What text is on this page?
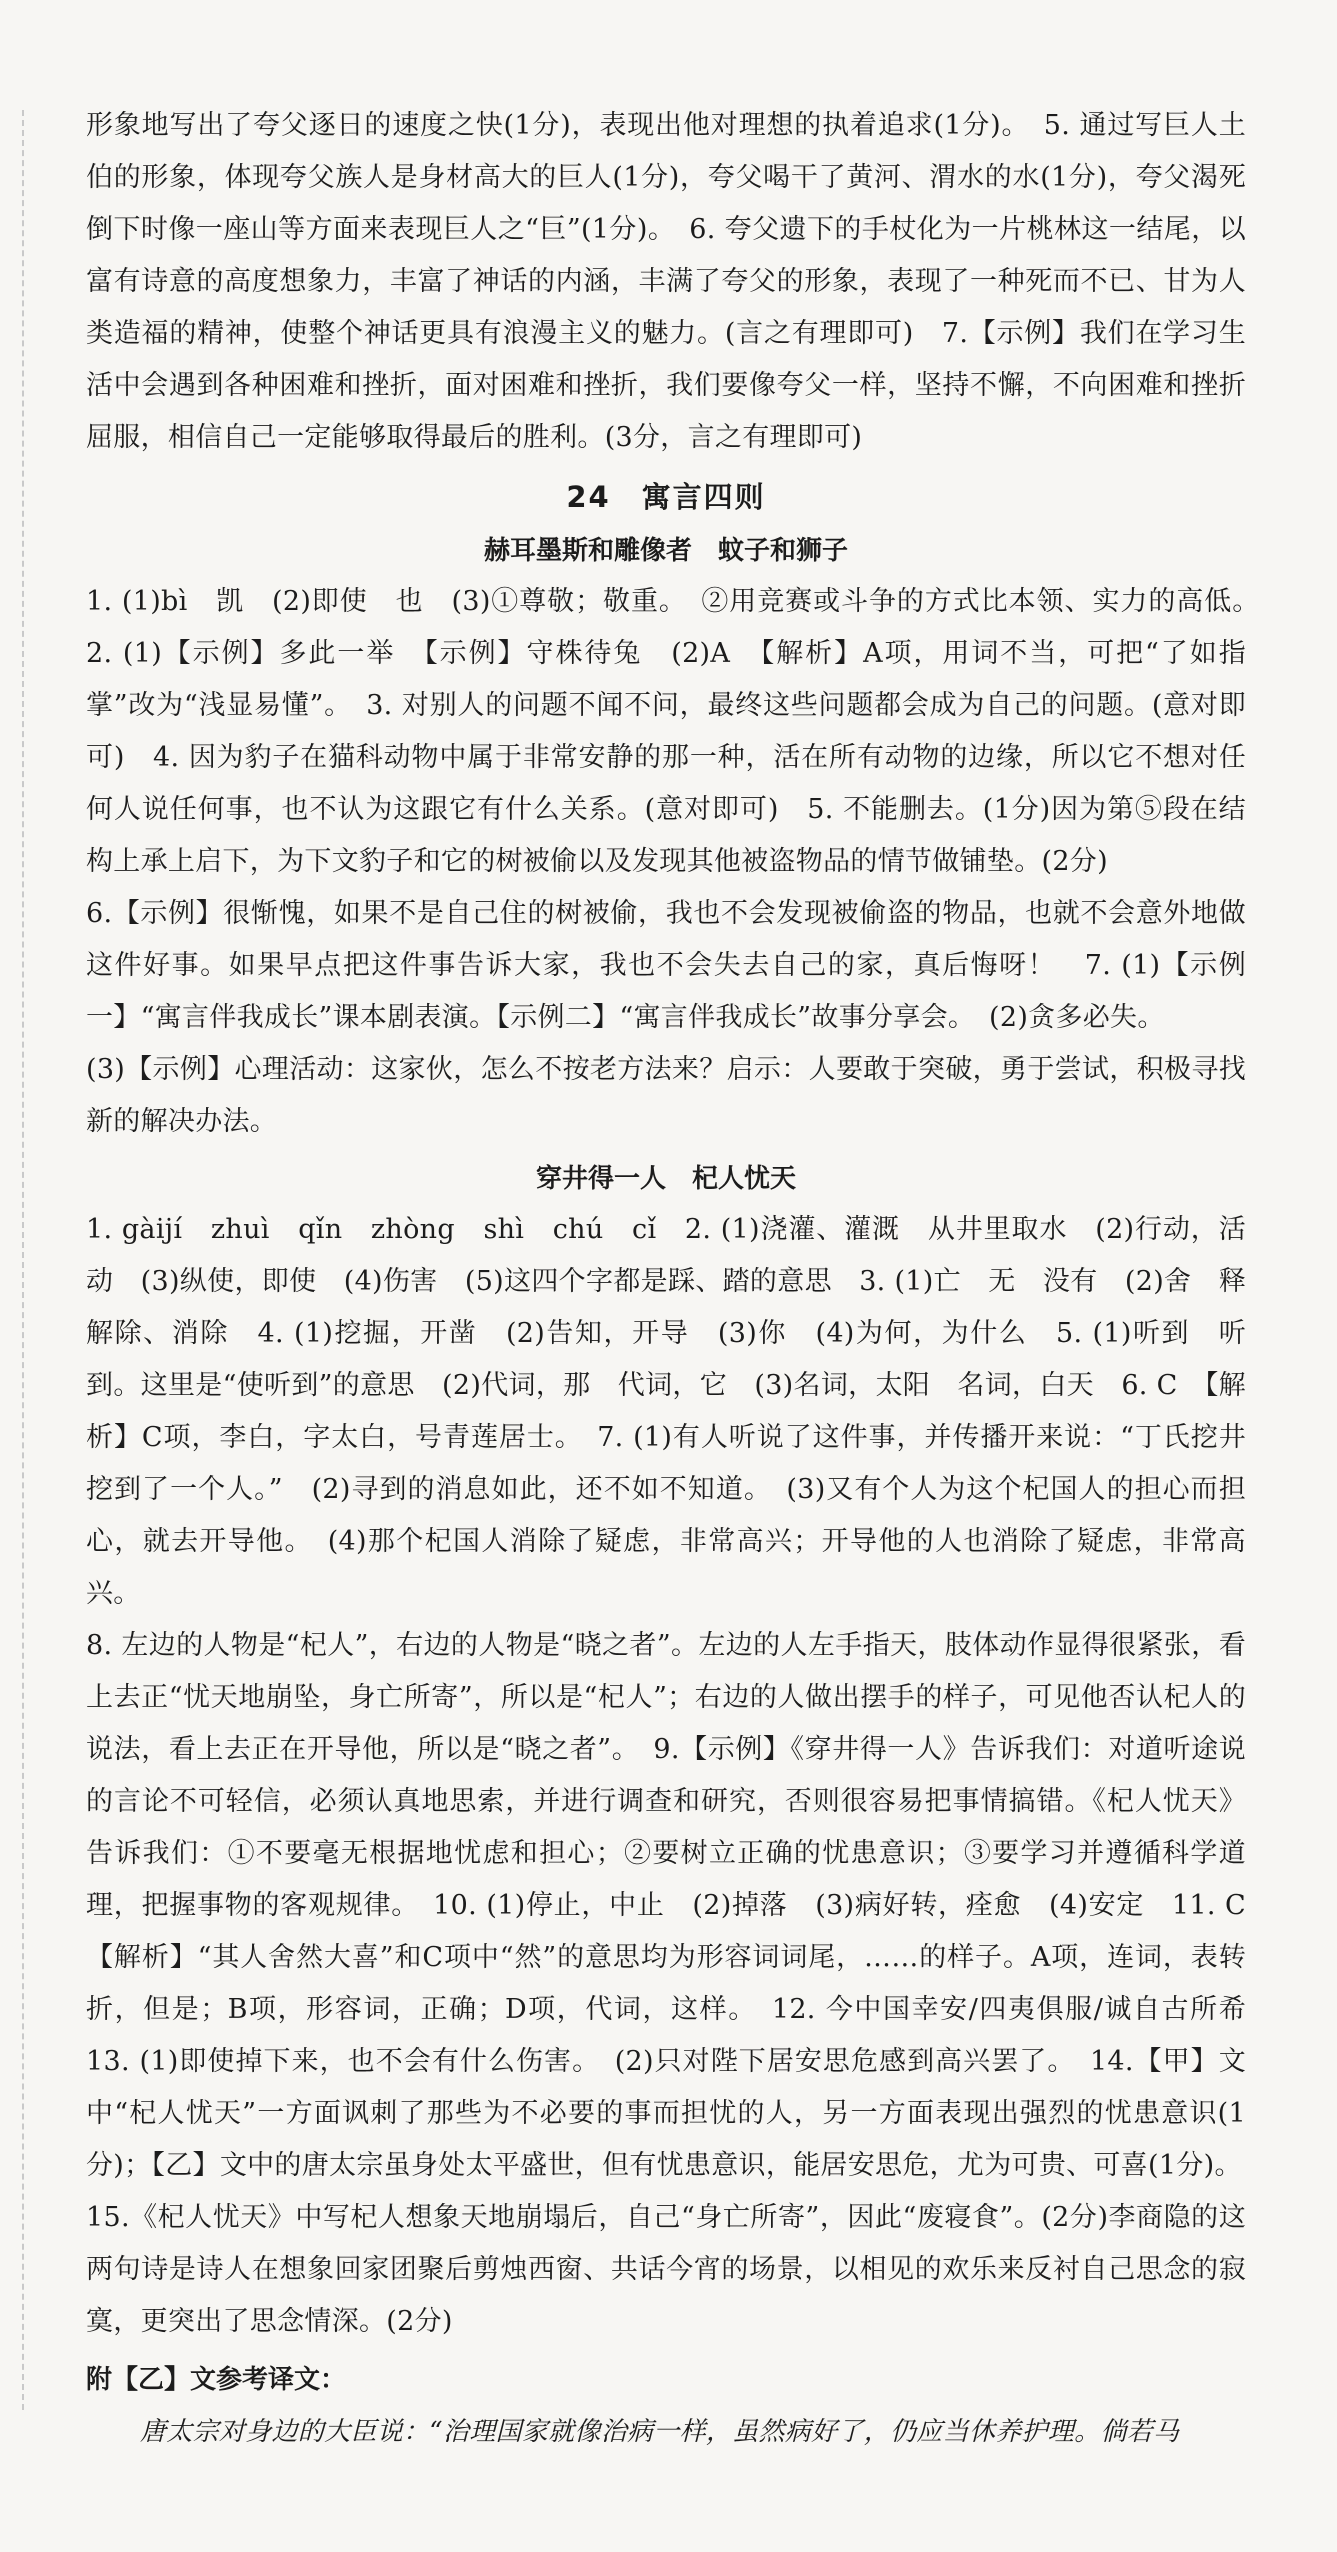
形象地写出了夸父逐日的速度之快(1分)，表现出他对理想的执着追求(1分)。　5. 通过写巨人土伯的形象，体现夸父族人是身材高大的巨人(1分)，夸父喝干了黄河、渭水的水(1分)，夸父渴死倒下时像一座山等方面来表现巨人之“巨”(1分)。　6. 夸父遗下的手杖化为一片桃林这一结尾，以富有诗意的高度想象力，丰富了神话的内涵，丰满了夸父的形象，表现了一种死而不已、甘为人类造福的精神，使整个神话更具有浪漫主义的魅力。(言之有理即可)　7.【示例】我们在学习生活中会遇到各种困难和挫折，面对困难和挫折，我们要像夸父一样，坚持不懈，不向困难和挫折屈服，相信自己一定能够取得最后的胜利。(3分，言之有理即可)

24　寓言四则
赫耳墨斯和雕像者　蚊子和狮子

1. (1)bì　凯　(2)即使　也　(3)①尊敬；敬重。　②用竞赛或斗争的方式比本领、实力的高低。　2. (1)【示例】多此一举　【示例】守株待兔　(2)A　【解析】A项，用词不当，可把“了如指掌”改为“浅显易懂”。　3. 对别人的问题不闻不问，最终这些问题都会成为自己的问题。(意对即可)　4. 因为豹子在猫科动物中属于非常安静的那一种，活在所有动物的边缘，所以它不想对任何人说任何事，也不认为这跟它有什么关系。(意对即可)　5. 不能删去。(1分)因为第⑤段在结构上承上启下，为下文豹子和它的树被偷以及发现其他被盗物品的情节做铺垫。(2分)

6.【示例】很惭愧，如果不是自己住的树被偷，我也不会发现被偷盗的物品，也就不会意外地做这件好事。如果早点把这件事告诉大家，我也不会失去自己的家，真后悔呀！　7. (1)【示例一】“寓言伴我成长”课本剧表演。【示例二】“寓言伴我成长”故事分享会。　(2)贪多必失。

(3)【示例】心理活动：这家伙，怎么不按老方法来？启示：人要敢于突破，勇于尝试，积极寻找新的解决办法。

穿井得一人　杞人忧天

1. gàijí　zhuì　qǐn　zhòng　shì　chú　cǐ　2. (1)浇灌、灌溉　从井里取水　(2)行动，活动　(3)纵使，即使　(4)伤害　(5)这四个字都是踩、踏的意思　3. (1)亡　无　没有　(2)舍　释　解除、消除　4. (1)挖掘，开凿　(2)告知，开导　(3)你　(4)为何，为什么　5. (1)听到　听到。这里是“使听到”的意思　(2)代词，那　代词，它　(3)名词，太阳　名词，白天　6. C　【解析】C项，李白，字太白，号青莲居士。　7. (1)有人听说了这件事，并传播开来说：“丁氏挖井挖到了一个人。”　(2)寻到的消息如此，还不如不知道。　(3)又有个人为这个杞国人的担心而担心，就去开导他。　(4)那个杞国人消除了疑虑，非常高兴；开导他的人也消除了疑虑，非常高兴。

8. 左边的人物是“杞人”，右边的人物是“晓之者”。左边的人左手指天，肢体动作显得很紧张，看上去正“忧天地崩坠，身亡所寄”，所以是“杞人”；右边的人做出摆手的样子，可见他否认杞人的说法，看上去正在开导他，所以是“晓之者”。　9.【示例】《穿井得一人》告诉我们：对道听途说的言论不可轻信，必须认真地思索，并进行调查和研究，否则很容易把事情搞错。《杞人忧天》告诉我们：①不要毫无根据地忧虑和担心；②要树立正确的忧患意识；③要学习并遵循科学道理，把握事物的客观规律。　10. (1)停止，中止　(2)掉落　(3)病好转，痊愈　(4)安定　11. C　【解析】“其人舍然大喜”和C项中“然”的意思均为形容词词尾，……的样子。A项，连词，表转折，但是；B项，形容词，正确；D项，代词，这样。　12. 今中国幸安/四夷俱服/诚自古所希　13. (1)即使掉下来，也不会有什么伤害。　(2)只对陛下居安思危感到高兴罢了。　14.【甲】文中“杞人忧天”一方面讽刺了那些为不必要的事而担忧的人，另一方面表现出强烈的忧患意识(1分)；【乙】文中的唐太宗虽身处太平盛世，但有忧患意识，能居安思危，尤为可贵、可喜(1分)。

15.《杞人忧天》中写杞人想象天地崩塌后，自己“身亡所寄”，因此“废寝食”。(2分)李商隐的这两句诗是诗人在想象回家团聚后剪烛西窗、共话今宵的场景，以相见的欢乐来反衬自己思念的寂寞，更突出了思念情深。(2分)

附【乙】文参考译文：

唐太宗对身边的大臣说：“治理国家就像治病一样，虽然病好了，仍应当休养护理。倘若马
